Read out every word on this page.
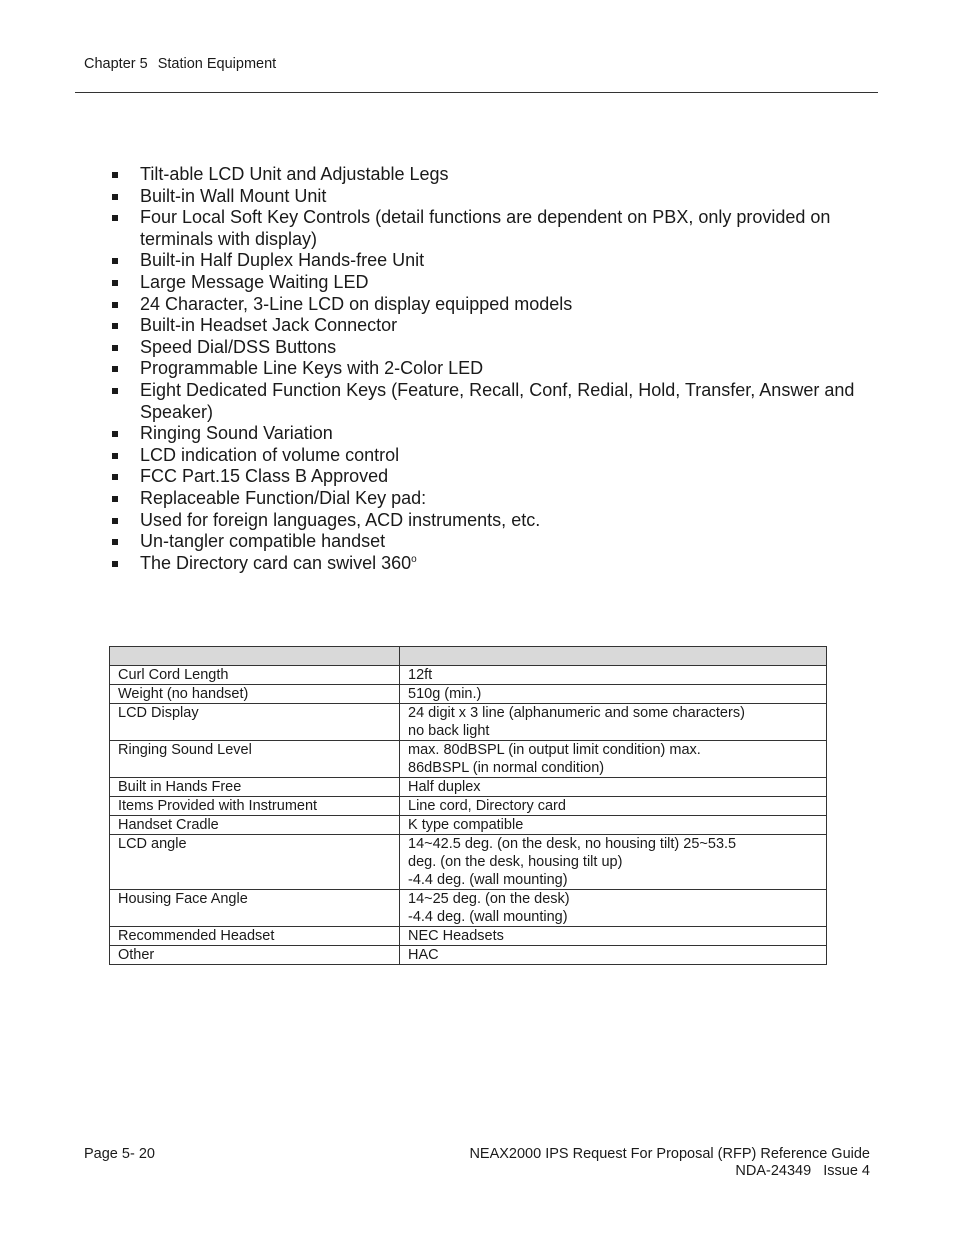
Chapter 5 Station Equipment
Tilt-able LCD Unit and Adjustable Legs
Built-in Wall Mount Unit
Four Local Soft Key Controls (detail functions are dependent on PBX, only provided on terminals with display)
Built-in Half Duplex Hands-free Unit
Large Message Waiting LED
24 Character, 3-Line LCD on display equipped models
Built-in Headset Jack Connector
Speed Dial/DSS Buttons
Programmable Line Keys with 2-Color LED
Eight Dedicated Function Keys (Feature, Recall, Conf, Redial, Hold, Transfer, Answer and Speaker)
Ringing Sound Variation
LCD indication of volume control
FCC Part.15 Class B Approved
Replaceable Function/Dial Key pad:
Used for foreign languages, ACD instruments, etc.
Un-tangler compatible handset
The Directory card can swivel 360$^o$

Curl Cord Length	12ft

Weight (no handset)	510g (min.)

LCD Display	24 digit x 3 line (alphanumeric and some characters)
no back light

Ringing Sound Level	max. 80dBSPL (in output limit condition) max.
86dBSPL (in normal condition)

Built in Hands Free	Half duplex

Items Provided with Instrument	Line cord, Directory card

Handset Cradle	K type compatible

LCD angle	14~42.5 deg. (on the desk, no housing tilt) 25~53.5
deg. (on the desk, housing tilt up)
-4.4 deg. (wall mounting)

Housing Face Angle	14~25 deg. (on the desk)
-4.4 deg. (wall mounting)

Recommended Headset	NEC Headsets

Other	HAC
Page 5- 20	NEAX2000 IPS Request For Proposal (RFP) Reference Guide
NDA-24349   Issue 4
